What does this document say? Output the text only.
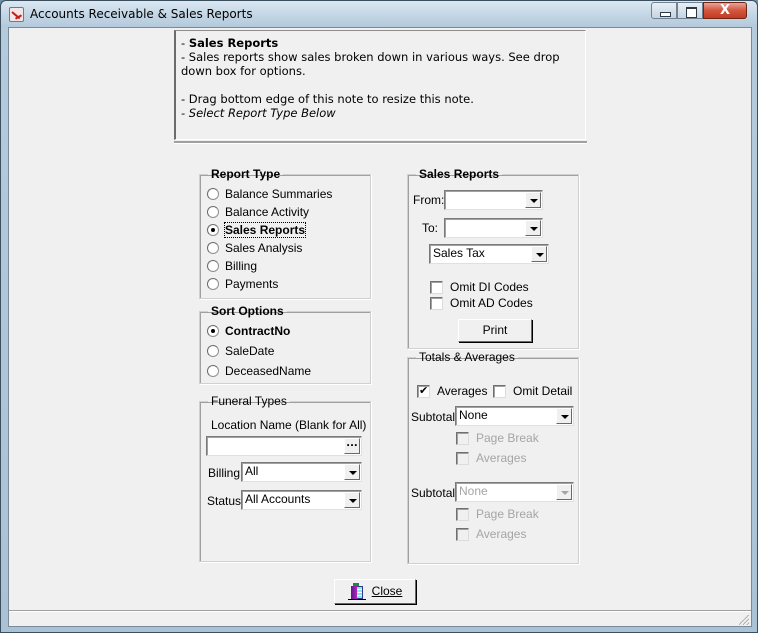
Accounts Receivable & Sales Reports	X
- Sales Reports
- Sales reports show sales broken down in various ways. See drop down box for options.
- Drag bottom edge of this note to resize this note.
- Select Report Type Below
Report Type
Balance Summaries
Balance Activity
Sales Reports
Sales Analysis
Billing
Payments
Sort Options
ContractNo
SaleDate
DeceasedName
Funeral Types
Location Name (Blank for All)
...
Billing All
Status All Accounts
Sales Reports
From:
To:
Sales Tax
Omit DI Codes
Omit AD Codes
Print
Totals & Averages
✔
Averages Omit Detail
Subtotal None
Page Break
Averages
Subtotal None
Page Break
Averages
Close
